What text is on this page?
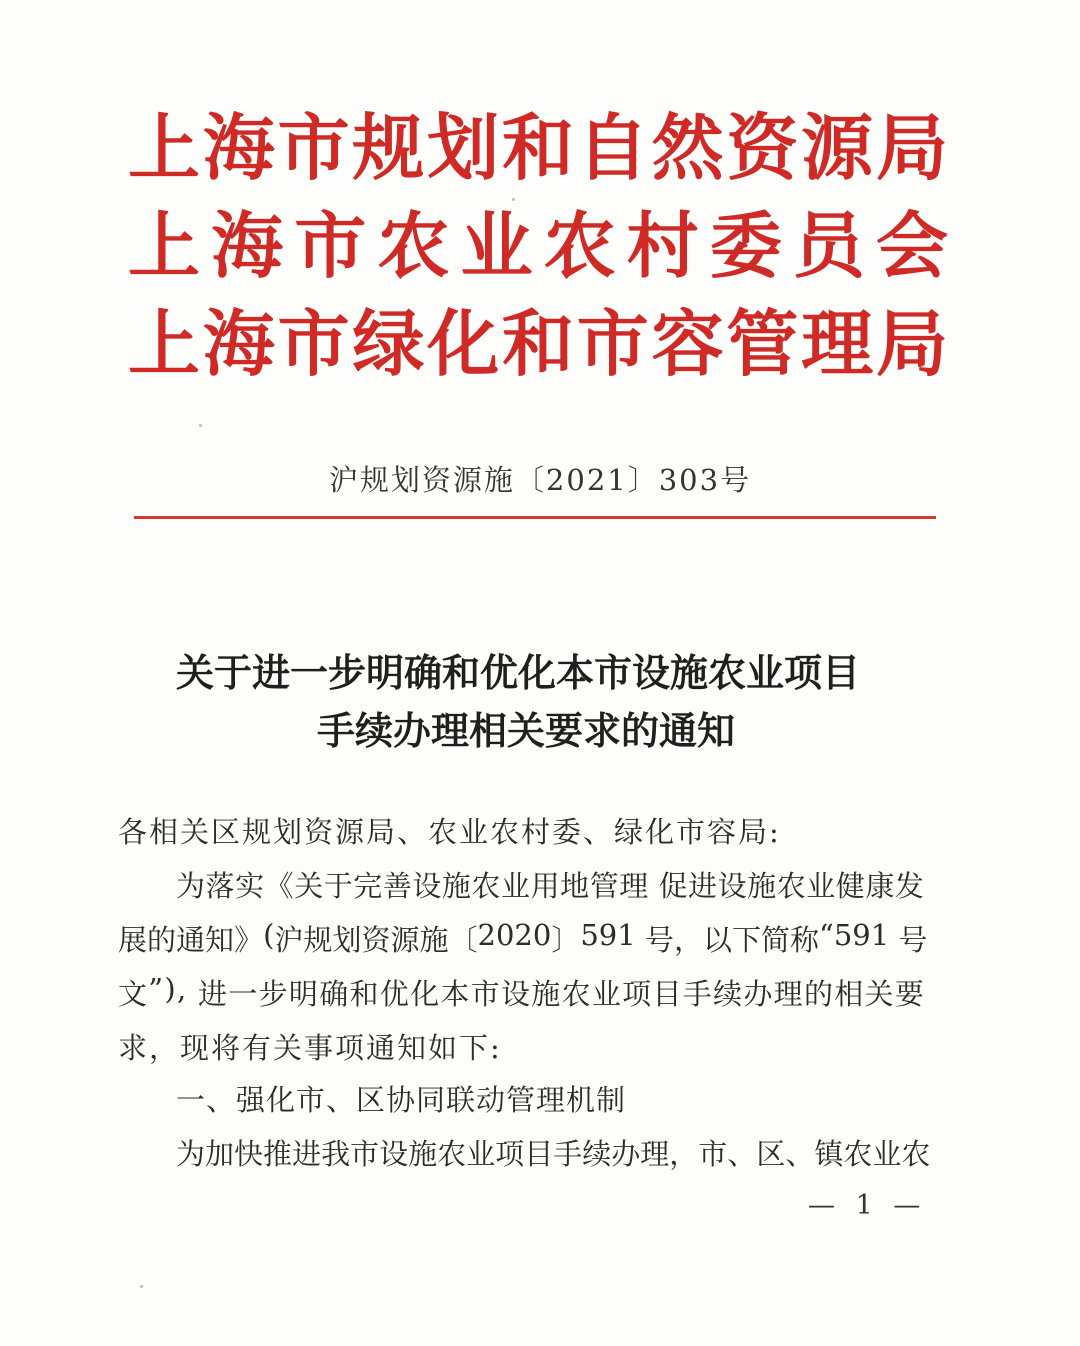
上 海 市 规 划 和 自 然 资 源 局
上 海 市 农 业 农 村 委 员 会
上 海 市 绿 化 和 市 容 管 理 局
沪规划资源施〔2021〕303号
关于进一步明确和优化本市设施农业项目
手续办理相关要求的通知
各相关区规划资源局、农业农村委、绿化市容局:
为 落 实 《 关 于 完 善 设 施 农 业 用 地 管 理
促 进 设 施 农 业 健 康 发
展 的 通 知 》 ( 沪 规 划 资 源 施 〔 2 0 2 0 〕 5 9 1
号 ， 以 下 简 称 “ 5 9 1
号
文 ” ) ,
进 一 步 明 确 和 优 化 本 市 设 施 农 业 项 目 手 续 办 理 的 相 关 要
求，现将有关事项通知如下:
一、强化市、区协同联动管理机制
为 加 快 推 进 我 市 设 施 农 业 项 目 手 续 办 理 ， 市 、 区 、 镇 农 业 农
— 1 —
